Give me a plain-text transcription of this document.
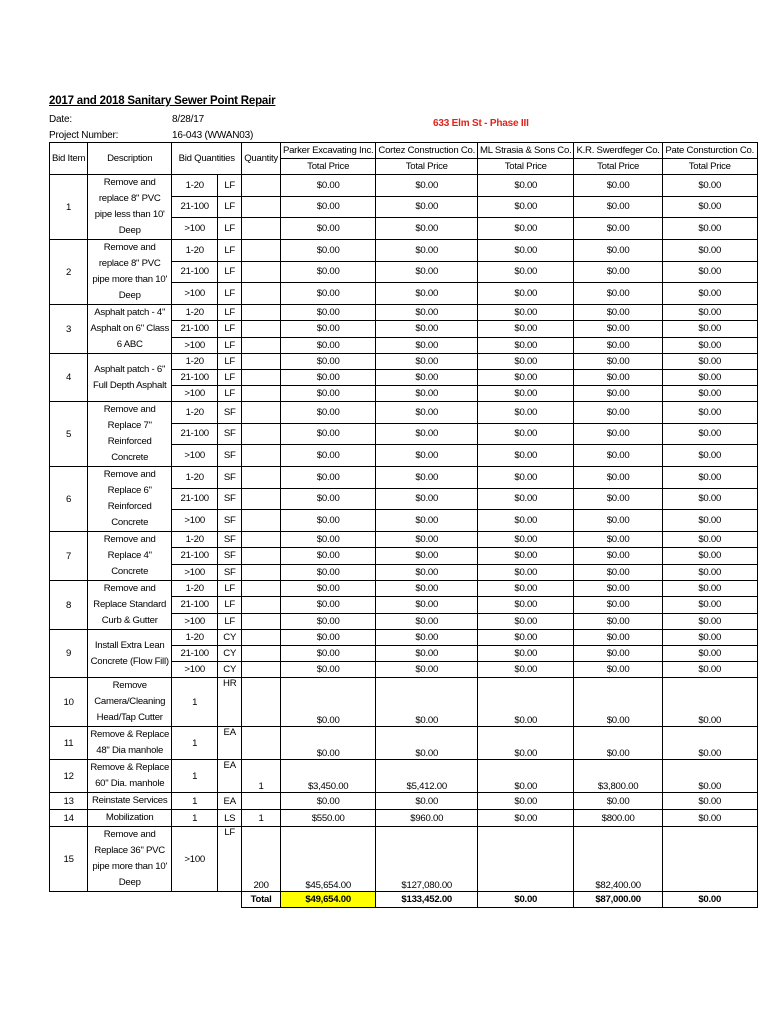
2017 and 2018 Sanitary Sewer Point Repair
Date:	8/28/17
Project Number:	16-043 (WWAN03)
633 Elm St - Phase III
Bid Item	Description	Bid Quantities		Quantity	Parker Excavating Inc.	Cortez Construction Co.	ML Strasia & Sons Co.	K.R. Swerdfeger Co.	Pate Consturction Co.
					Total Price	Total Price	Total Price	Total Price	Total Price
1	Remove and replace 8" PVC pipe less than 10' Deep	1-20	LF		$0.00	$0.00	$0.00	$0.00	$0.00
		21-100	LF		$0.00	$0.00	$0.00	$0.00	$0.00
		>100	LF		$0.00	$0.00	$0.00	$0.00	$0.00
2	Remove and replace 8" PVC pipe more than 10' Deep	1-20	LF		$0.00	$0.00	$0.00	$0.00	$0.00
		21-100	LF		$0.00	$0.00	$0.00	$0.00	$0.00
		>100	LF		$0.00	$0.00	$0.00	$0.00	$0.00
3	Asphalt patch - 4" Asphalt on 6" Class 6 ABC	1-20	LF		$0.00	$0.00	$0.00	$0.00	$0.00
		21-100	LF		$0.00	$0.00	$0.00	$0.00	$0.00
		>100	LF		$0.00	$0.00	$0.00	$0.00	$0.00
4	Asphalt patch - 6" Full Depth Asphalt	1-20	LF		$0.00	$0.00	$0.00	$0.00	$0.00
		21-100	LF		$0.00	$0.00	$0.00	$0.00	$0.00
		>100	LF		$0.00	$0.00	$0.00	$0.00	$0.00
5	Remove and Replace 7" Reinforced Concrete	1-20	SF		$0.00	$0.00	$0.00	$0.00	$0.00
		21-100	SF		$0.00	$0.00	$0.00	$0.00	$0.00
		>100	SF		$0.00	$0.00	$0.00	$0.00	$0.00
6	Remove and Replace 6" Reinforced Concrete	1-20	SF		$0.00	$0.00	$0.00	$0.00	$0.00
		21-100	SF		$0.00	$0.00	$0.00	$0.00	$0.00
		>100	SF		$0.00	$0.00	$0.00	$0.00	$0.00
7	Remove and Replace 4" Concrete	1-20	SF		$0.00	$0.00	$0.00	$0.00	$0.00
		21-100	SF		$0.00	$0.00	$0.00	$0.00	$0.00
		>100	SF		$0.00	$0.00	$0.00	$0.00	$0.00
8	Remove and Replace Standard Curb & Gutter	1-20	LF		$0.00	$0.00	$0.00	$0.00	$0.00
		21-100	LF		$0.00	$0.00	$0.00	$0.00	$0.00
		>100	LF		$0.00	$0.00	$0.00	$0.00	$0.00
9	Install Extra Lean Concrete (Flow Fill)	1-20	CY		$0.00	$0.00	$0.00	$0.00	$0.00
		21-100	CY		$0.00	$0.00	$0.00	$0.00	$0.00
		>100	CY		$0.00	$0.00	$0.00	$0.00	$0.00
10	Remove Camera/Cleaning Head/Tap Cutter	1	HR		$0.00	$0.00	$0.00	$0.00	$0.00
11	Remove & Replace 48" Dia manhole	1	EA		$0.00	$0.00	$0.00	$0.00	$0.00
12	Remove & Replace 60" Dia. manhole	1	EA	1	$3,450.00	$5,412.00	$0.00	$3,800.00	$0.00
13	Reinstate Services	1	EA		$0.00	$0.00	$0.00	$0.00	$0.00
14	Mobilization	1	LS	1	$550.00	$960.00	$0.00	$800.00	$0.00
15	Remove and Replace 36" PVC pipe more than 10' Deep	>100	LF	200	$45,654.00	$127,080.00		$82,400.00	
				Total	$49,654.00	$133,452.00	$0.00	$87,000.00	$0.00
